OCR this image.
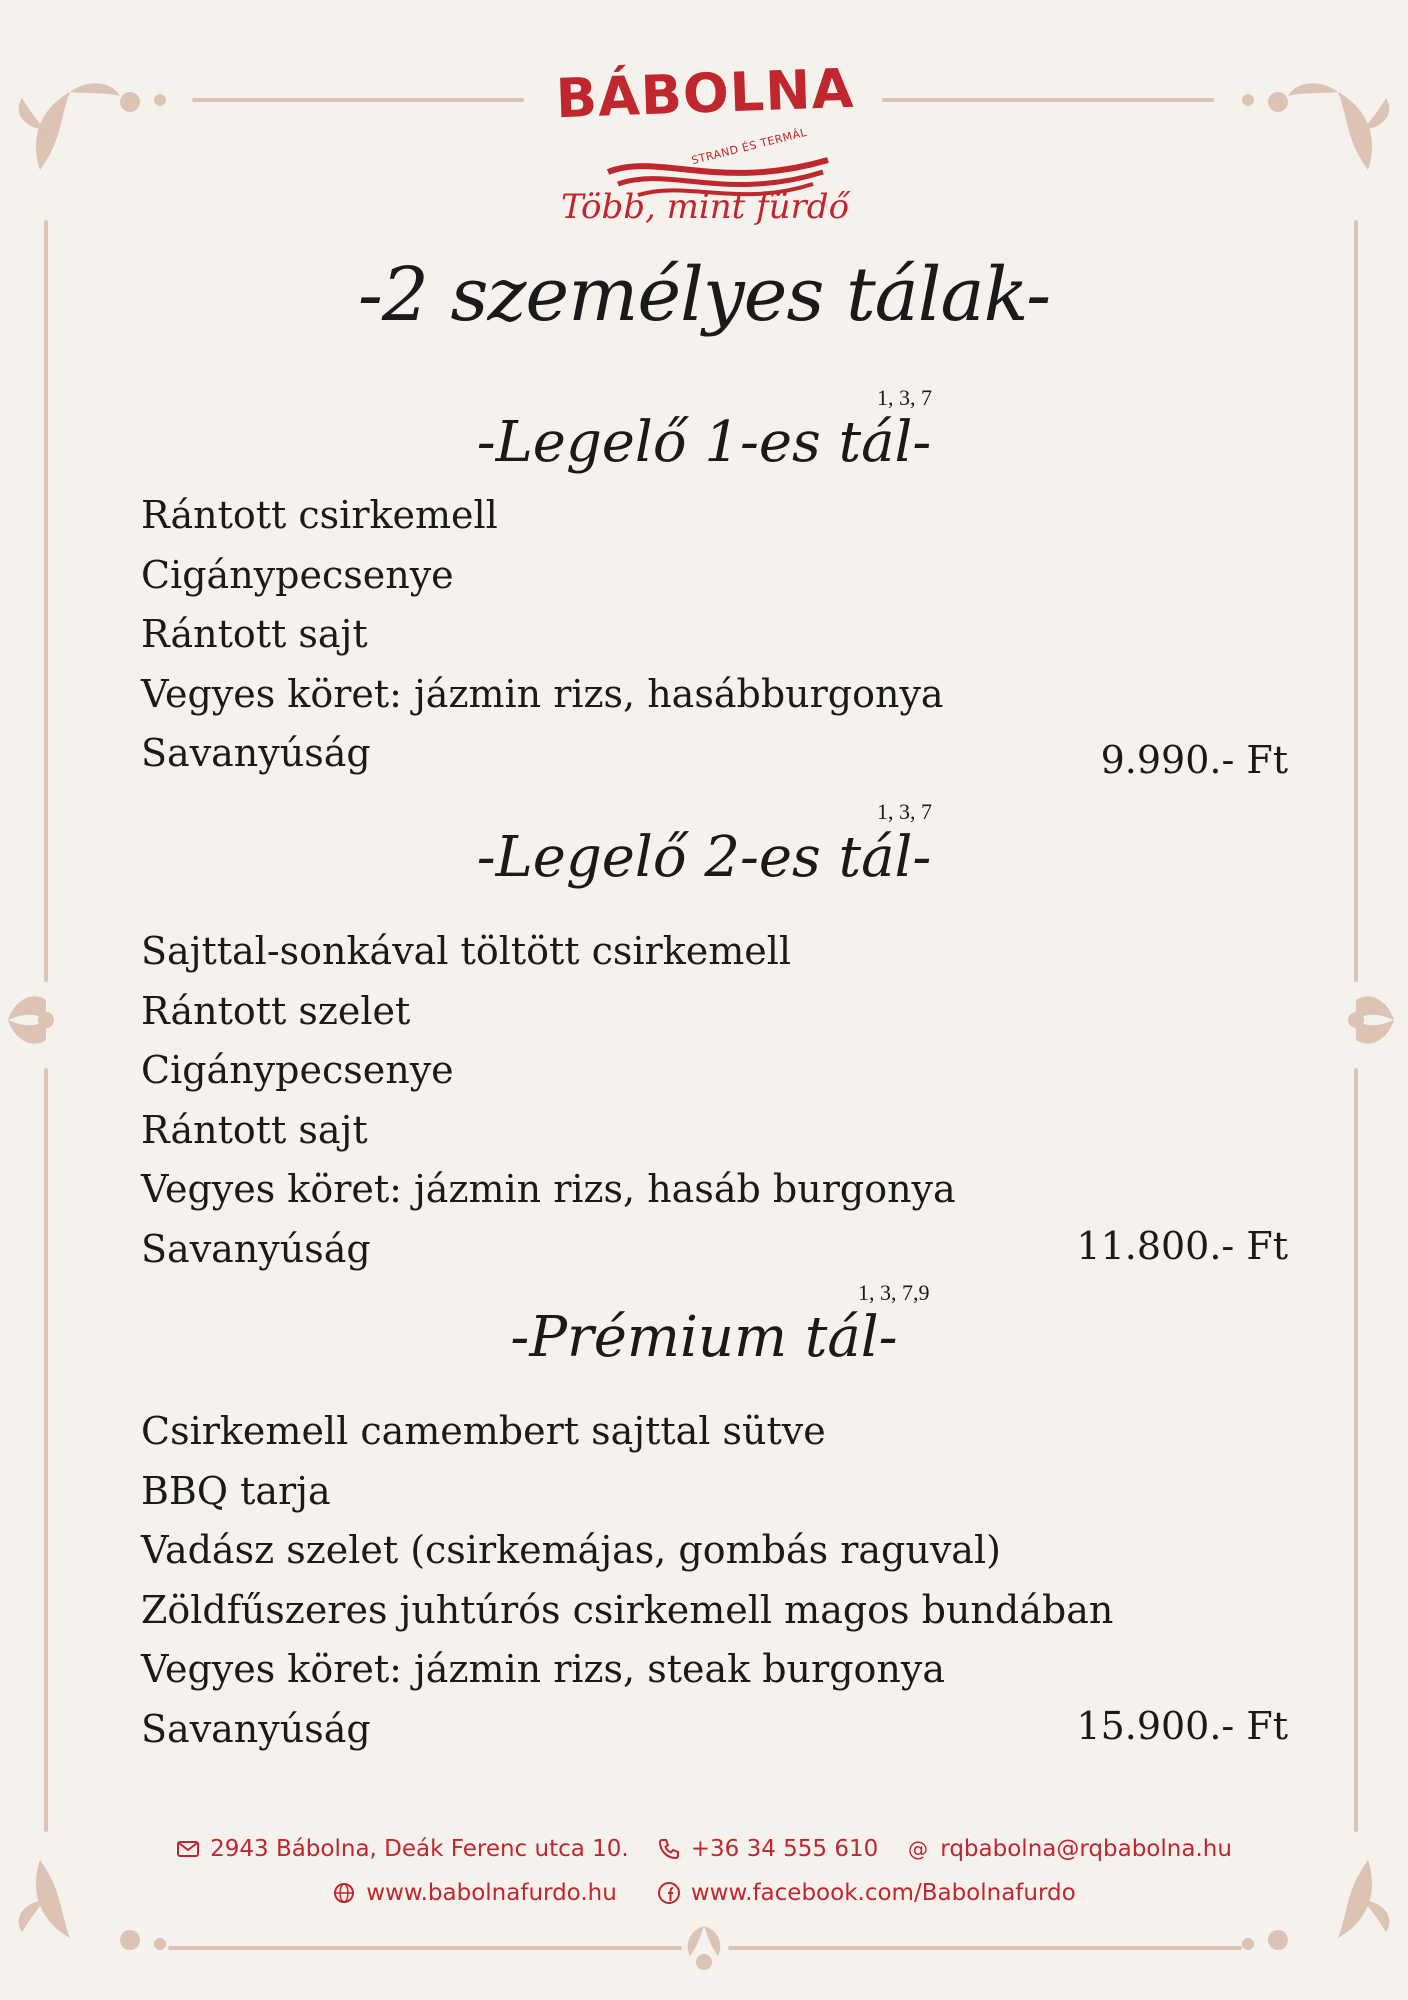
BÁBOLNA
STRAND ÉS TERMÁL
Több, mint fürdő
-2 személyes tálak-
-Legelő 1-es tál-
1, 3, 7
Rántott csirkemell
Cigánypecsenye
Rántott sajt
Vegyes köret: jázmin rizs, hasábburgonya
Savanyúság	9.990.- Ft
-Legelő 2-es tál-
1, 3, 7
Sajttal-sonkával töltött csirkemell
Rántott szelet
Cigánypecsenye
Rántott sajt
Vegyes köret: jázmin rizs, hasáb burgonya
Savanyúság	11.800.- Ft
-Prémium tál-
1, 3, 7,9
Csirkemell camembert sajttal sütve
BBQ tarja
Vadász szelet (csirkemájas, gombás raguval)
Zöldfűszeres juhtúrós csirkemell magos bundában
Vegyes köret: jázmin rizs, steak burgonya
Savanyúság	15.900.- Ft
2943 Bábolna, Deák Ferenc utca 10.	+36 34 555 610 @ rqbabolna@rqbabolna.hu
www.babolnafurdo.hu	www.facebook.com/Babolnafurdo
